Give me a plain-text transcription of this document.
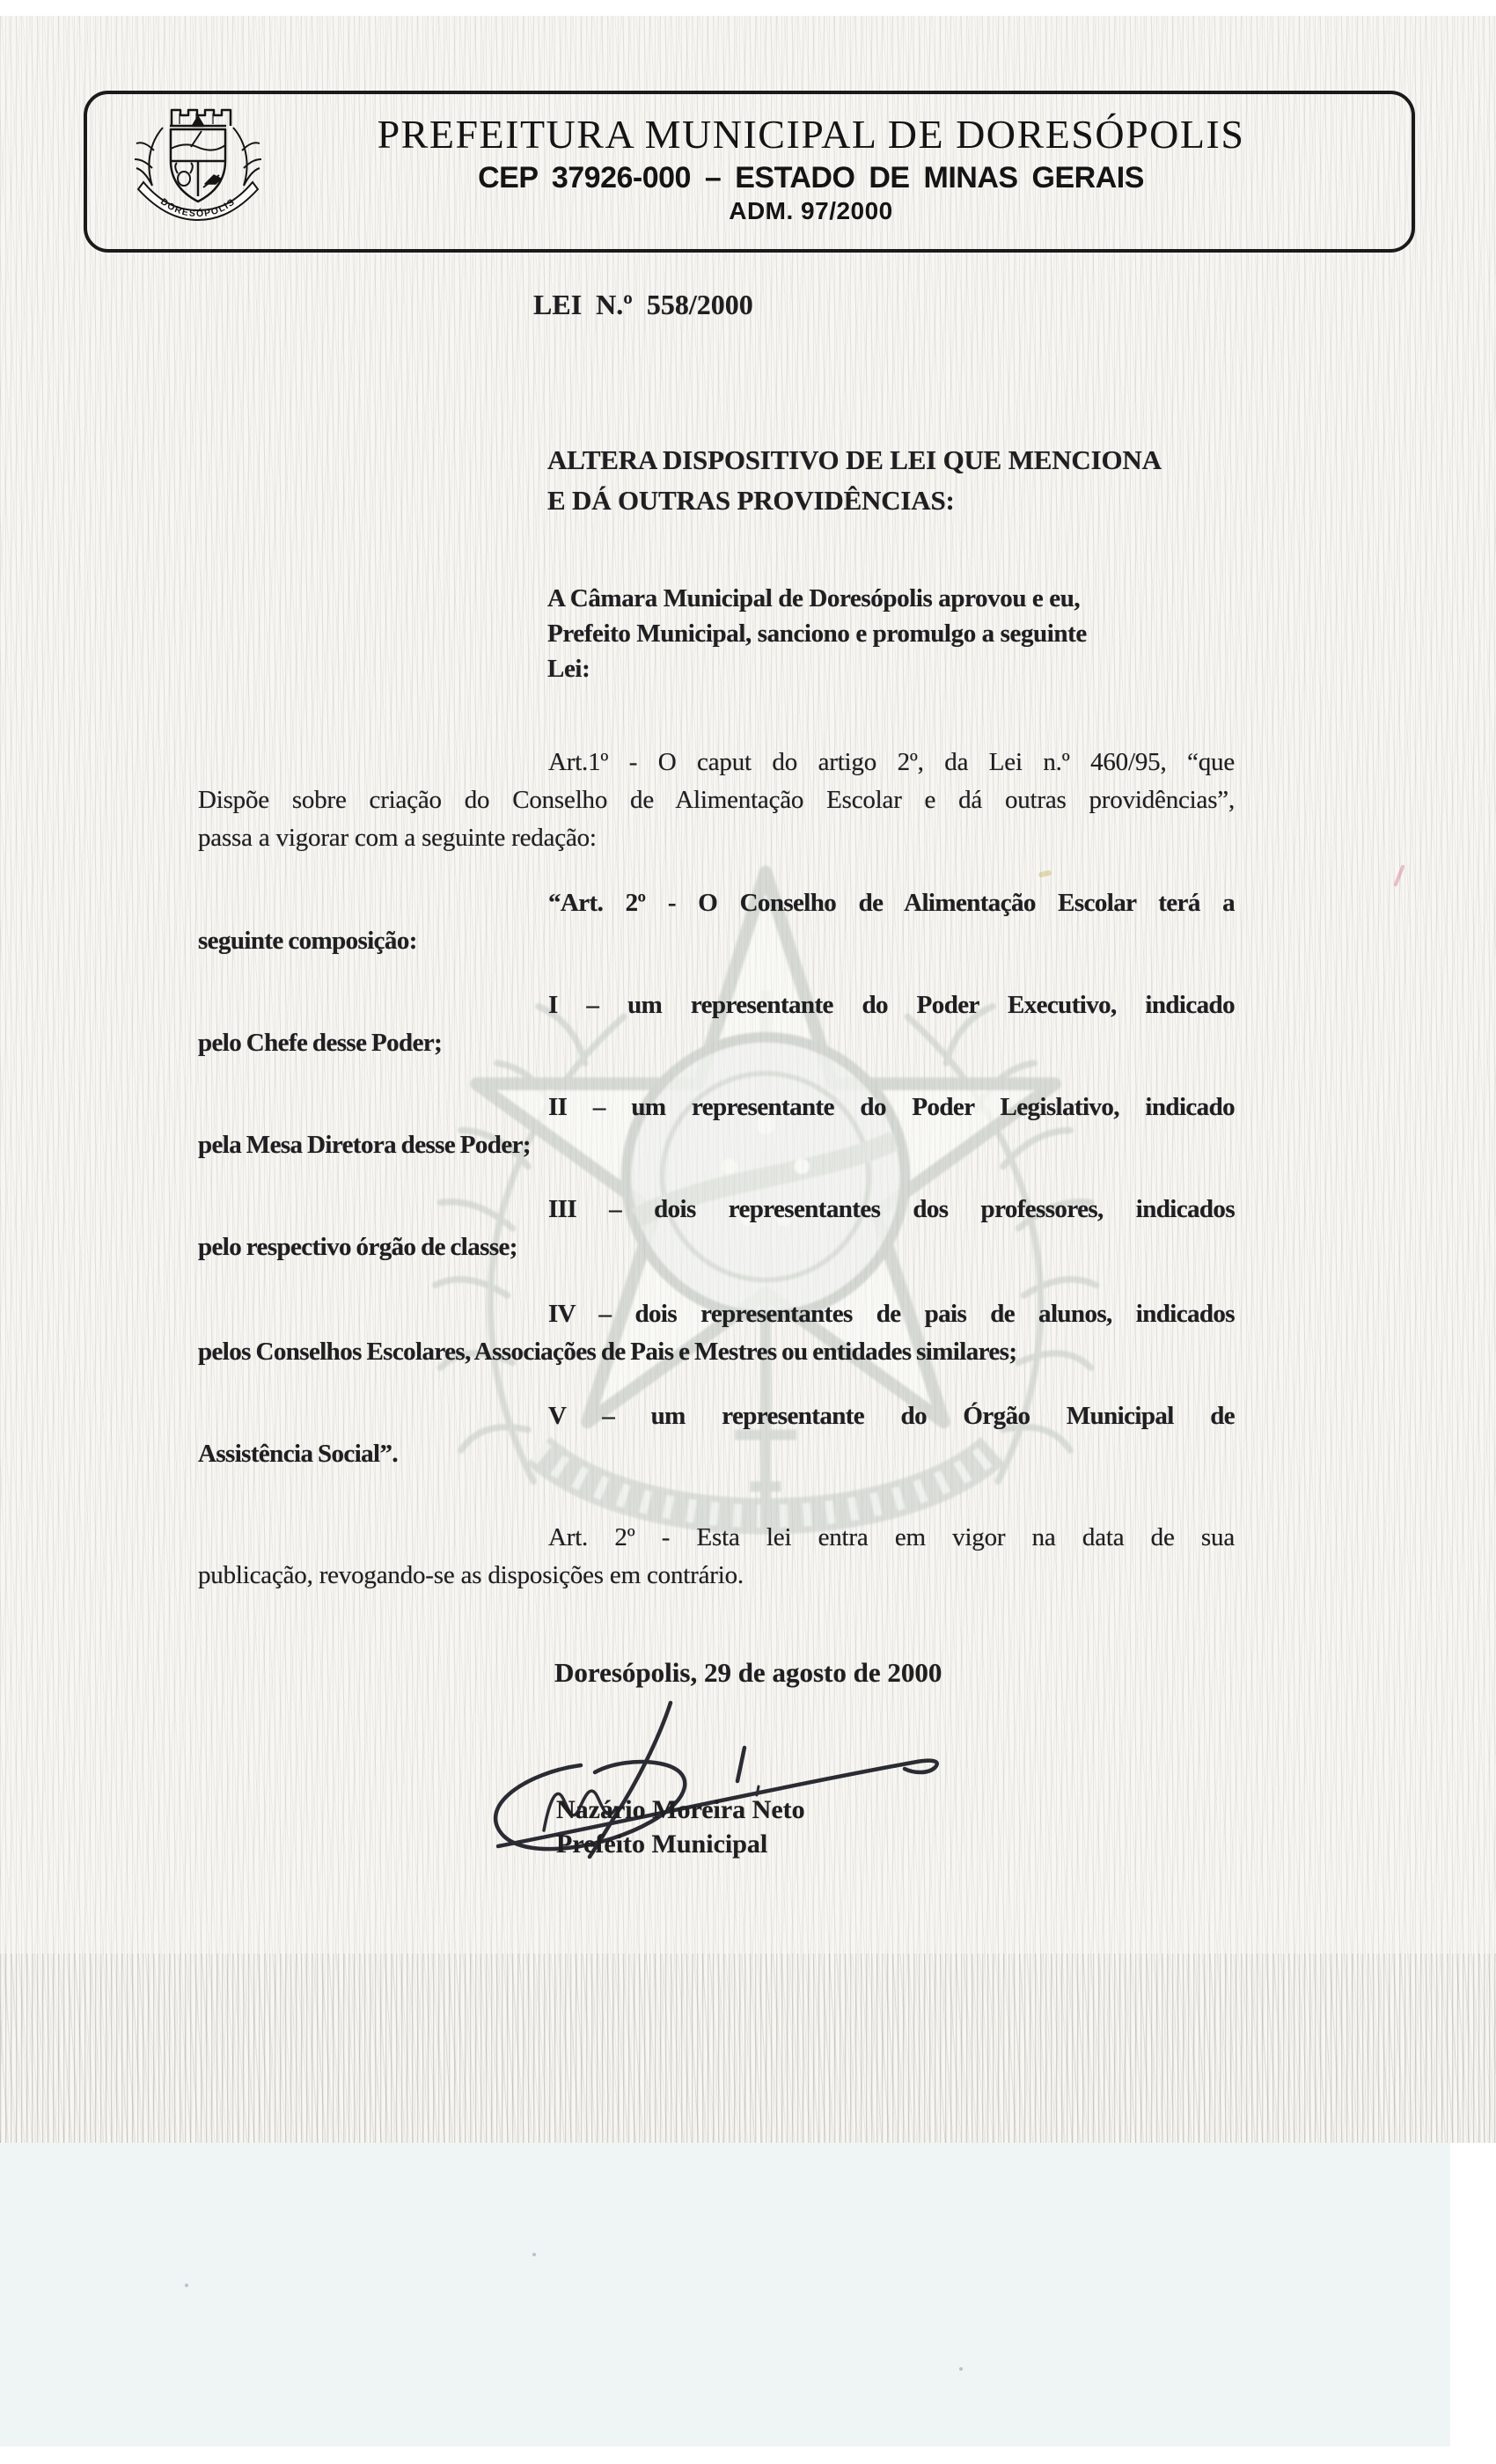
DORESÓPOLIS
PREFEITURA MUNICIPAL DE DORESÓPOLIS
CEP 37926-000 – ESTADO DE MINAS GERAIS
ADM. 97/2000
LEI N.º 558/2000
ALTERA DISPOSITIVO DE LEI QUE MENCIONA
E DÁ OUTRAS PROVIDÊNCIAS:
A Câmara Municipal de Doresópolis aprovou e eu,
Prefeito Municipal, sanciono e promulgo a seguinte
Lei:
Art.1º - O caput do artigo 2º, da Lei n.º 460/95, “que
Dispõe sobre criação do Conselho de Alimentação Escolar e dá outras providências”,
passa a vigorar com a seguinte redação:
“Art. 2º - O Conselho de Alimentação Escolar terá a
seguinte composição:
I – um representante do Poder Executivo, indicado
pelo Chefe desse Poder;
II – um representante do Poder Legislativo, indicado
pela Mesa Diretora desse Poder;
III – dois representantes dos professores, indicados
pelo respectivo órgão de classe;
IV – dois representantes de pais de alunos, indicados
pelos Conselhos Escolares, Associações de Pais e Mestres ou entidades similares;
V – um representante do Órgão Municipal de
Assistência Social”.
Art. 2º - Esta lei entra em vigor na data de sua
publicação, revogando-se as disposições em contrário.
Doresópolis, 29 de agosto de 2000
Nazário Moreira Neto
Prefeito Municipal
